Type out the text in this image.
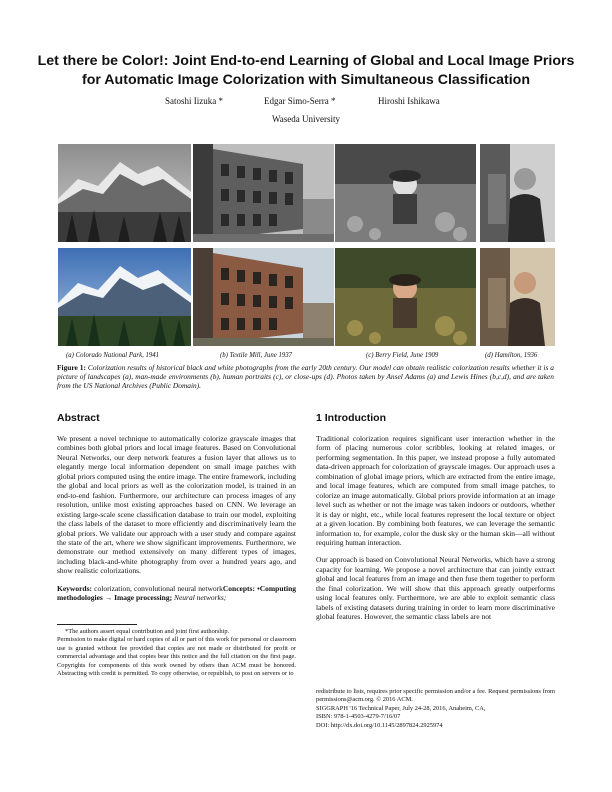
Let there be Color!: Joint End-to-end Learning of Global and Local Image Priors
for Automatic Image Colorization with Simultaneous Classification
Satoshi Iizuka *	Edgar Simo-Serra *	Hiroshi Ishikawa
Waseda University
(a) Colorado National Park, 1941	(b) Textile Mill, June 1937	(c) Berry Field, June 1909	(d) Hamilton, 1936
Figure 1: Colorization results of historical black and white photographs from the early 20th century. Our model can obtain realistic colorization results whether it is a picture of landscapes (a), man-made environments (b), human portraits (c), or close-ups (d). Photos taken by Ansel Adams (a) and Lewis Hines (b,c,d), and are taken from the US National Archives (Public Domain).
Abstract

We present a novel technique to automatically colorize grayscale images that combines both global priors and local image features. Based on Convolutional Neural Networks, our deep network features a fusion layer that allows us to elegantly merge local information dependent on small image patches with global priors computed using the entire image. The entire framework, including the global and local priors as well as the colorization model, is trained in an end-to-end fashion. Furthermore, our architecture can process images of any resolution, unlike most existing approaches based on CNN. We leverage an existing large-scale scene classification database to train our model, exploiting the class labels of the dataset to more efficiently and discriminatively learn the global priors. We validate our approach with a user study and compare against the state of the art, where we show significant improvements. Furthermore, we demonstrate our method extensively on many different types of images, including black-and-white photography from over a hundred years ago, and show realistic colorizations.

Keywords: colorization, convolutional neural networkConcepts: •Computing methodologies → Image processing; Neural networks;

*The authors assert equal contribution and joint first authorship.

Permission to make digital or hard copies of all or part of this work for personal or classroom use is granted without fee provided that copies are not made or distributed for profit or commercial advantage and that copies bear this notice and the full citation on the first page. Copyrights for components of this work owned by others than ACM must be honored. Abstracting with credit is permitted. To copy otherwise, or republish, to post on servers or to

1 Introduction

Traditional colorization requires significant user interaction whether in the form of placing numerous color scribbles, looking at related images, or performing segmentation. In this paper, we instead propose a fully automated data-driven approach for colorization of grayscale images. Our approach uses a combination of global image priors, which are extracted from the entire image, and local image features, which are computed from small image patches, to colorize an image automatically. Global priors provide information at an image level such as whether or not the image was taken indoors or outdoors, whether it is day or night, etc., while local features represent the local texture or object at a given location. By combining both features, we can leverage the semantic information to, for example, color the dusk sky or the human skin—all without requiring human interaction.

Our approach is based on Convolutional Neural Networks, which have a strong capacity for learning. We propose a novel architecture that can jointly extract global and local features from an image and then fuse them together to perform the final colorization. We will show that this approach greatly outperforms using local features only. Furthermore, we are able to exploit semantic class labels of existing datasets during training in order to learn more discriminative global features. However, the semantic class labels are not

redistribute to lists, requires prior specific permission and/or a fee. Request permissions from permissions@acm.org. © 2016 ACM.

SIGGRAPH '16 Technical Paper, July 24-28, 2016, Anaheim, CA,

ISBN: 978-1-4503-4279-7/16/07

DOI: http://dx.doi.org/10.1145/2897824.2925974
